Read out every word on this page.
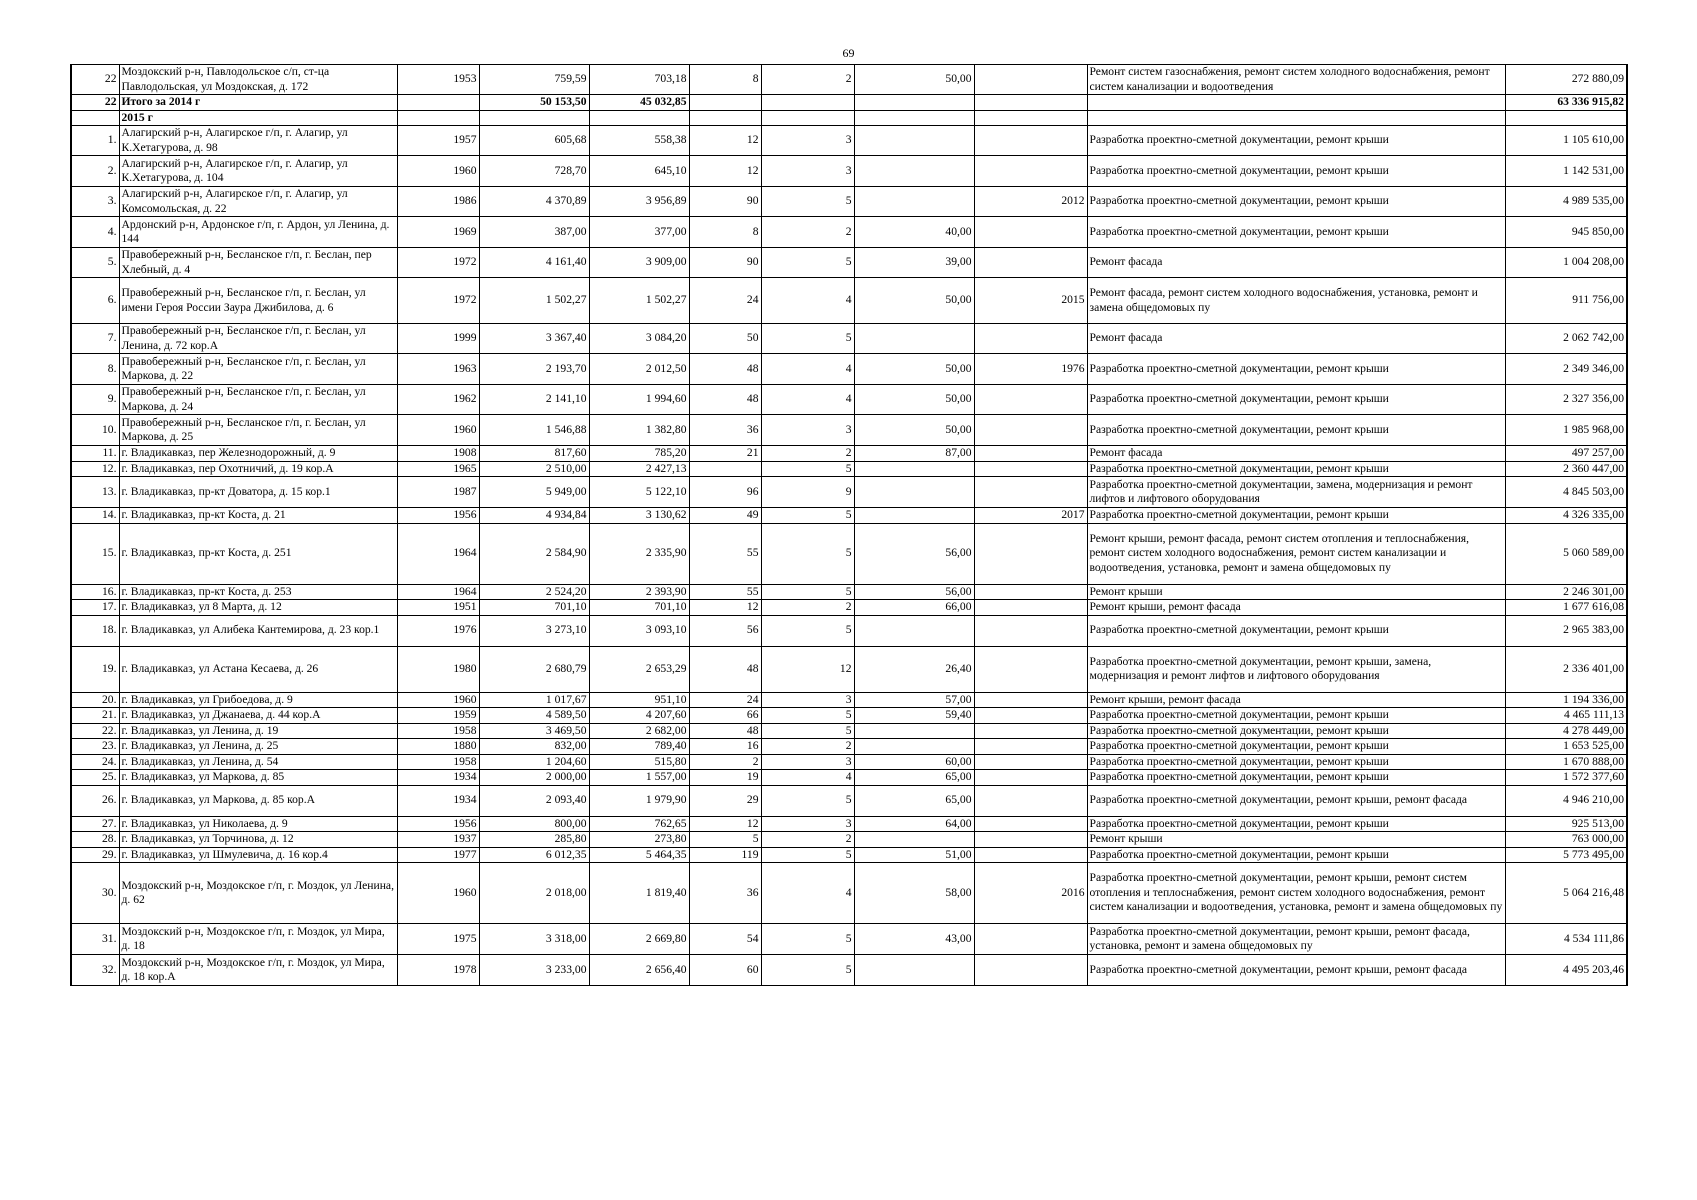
69
22	Моздокский р-н, Павлодольское с/п, ст-ца Павлодольская, ул Моздокская, д. 172	1953	759,59	703,18	8	2	50,00		Ремонт систем газоснабжения, ремонт систем холодного водоснабжения, ремонт систем канализации и водоотведения	272 880,09
22	Итого за 2014 г		50 153,50	45 032,85						63 336 915,82
	2015 г									
1.	Алагирский р-н, Алагирское г/п, г. Алагир, ул К.Хетагурова, д. 98	1957	605,68	558,38	12	3			Разработка проектно-сметной документации, ремонт крыши	1 105 610,00
2.	Алагирский р-н, Алагирское г/п, г. Алагир, ул К.Хетагурова, д. 104	1960	728,70	645,10	12	3			Разработка проектно-сметной документации, ремонт крыши	1 142 531,00
3.	Алагирский р-н, Алагирское г/п, г. Алагир, ул Комсомольская, д. 22	1986	4 370,89	3 956,89	90	5		2012	Разработка проектно-сметной документации, ремонт крыши	4 989 535,00
4.	Ардонский р-н, Ардонское г/п, г. Ардон, ул Ленина, д. 144	1969	387,00	377,00	8	2	40,00		Разработка проектно-сметной документации, ремонт крыши	945 850,00
5.	Правобережный р-н, Бесланское г/п, г. Беслан, пер Хлебный, д. 4	1972	4 161,40	3 909,00	90	5	39,00		Ремонт фасада	1 004 208,00
6.	Правобережный р-н, Бесланское г/п, г. Беслан, ул имени Героя России Заура Джибилова, д. 6	1972	1 502,27	1 502,27	24	4	50,00	2015	Ремонт фасада, ремонт систем холодного водоснабжения, установка, ремонт и замена общедомовых пу	911 756,00
7.	Правобережный р-н, Бесланское г/п, г. Беслан, ул Ленина, д. 72 кор.А	1999	3 367,40	3 084,20	50	5			Ремонт фасада	2 062 742,00
8.	Правобережный р-н, Бесланское г/п, г. Беслан, ул Маркова, д. 22	1963	2 193,70	2 012,50	48	4	50,00	1976	Разработка проектно-сметной документации, ремонт крыши	2 349 346,00
9.	Правобережный р-н, Бесланское г/п, г. Беслан, ул Маркова, д. 24	1962	2 141,10	1 994,60	48	4	50,00		Разработка проектно-сметной документации, ремонт крыши	2 327 356,00
10.	Правобережный р-н, Бесланское г/п, г. Беслан, ул Маркова, д. 25	1960	1 546,88	1 382,80	36	3	50,00		Разработка проектно-сметной документации, ремонт крыши	1 985 968,00
11.	г. Владикавказ, пер Железнодорожный, д. 9	1908	817,60	785,20	21	2	87,00		Ремонт фасада	497 257,00
12.	г. Владикавказ, пер Охотничий, д. 19 кор.А	1965	2 510,00	2 427,13		5			Разработка проектно-сметной документации, ремонт крыши	2 360 447,00
13.	г. Владикавказ, пр-кт Доватора, д. 15 кор.1	1987	5 949,00	5 122,10	96	9			Разработка проектно-сметной документации, замена, модернизация и ремонт лифтов и лифтового оборудования	4 845 503,00
14.	г. Владикавказ, пр-кт Коста, д. 21	1956	4 934,84	3 130,62	49	5		2017	Разработка проектно-сметной документации, ремонт крыши	4 326 335,00
15.	г. Владикавказ, пр-кт Коста, д. 251	1964	2 584,90	2 335,90	55	5	56,00		Ремонт крыши, ремонт фасада, ремонт систем отопления и теплоснабжения, ремонт систем холодного водоснабжения, ремонт систем канализации и водоотведения, установка, ремонт и замена общедомовых пу	5 060 589,00
16.	г. Владикавказ, пр-кт Коста, д. 253	1964	2 524,20	2 393,90	55	5	56,00		Ремонт крыши	2 246 301,00
17.	г. Владикавказ, ул 8 Марта, д. 12	1951	701,10	701,10	12	2	66,00		Ремонт крыши, ремонт фасада	1 677 616,08
18.	г. Владикавказ, ул Алибека Кантемирова, д. 23 кор.1	1976	3 273,10	3 093,10	56	5			Разработка проектно-сметной документации, ремонт крыши	2 965 383,00
19.	г. Владикавказ, ул Астана Кесаева, д. 26	1980	2 680,79	2 653,29	48	12	26,40		Разработка проектно-сметной документации, ремонт крыши, замена, модернизация и ремонт лифтов и лифтового оборудования	2 336 401,00
20.	г. Владикавказ, ул Грибоедова, д. 9	1960	1 017,67	951,10	24	3	57,00		Ремонт крыши, ремонт фасада	1 194 336,00
21.	г. Владикавказ, ул Джанаева, д. 44 кор.А	1959	4 589,50	4 207,60	66	5	59,40		Разработка проектно-сметной документации, ремонт крыши	4 465 111,13
22.	г. Владикавказ, ул Ленина, д. 19	1958	3 469,50	2 682,00	48	5			Разработка проектно-сметной документации, ремонт крыши	4 278 449,00
23.	г. Владикавказ, ул Ленина, д. 25	1880	832,00	789,40	16	2			Разработка проектно-сметной документации, ремонт крыши	1 653 525,00
24.	г. Владикавказ, ул Ленина, д. 54	1958	1 204,60	515,80	2	3	60,00		Разработка проектно-сметной документации, ремонт крыши	1 670 888,00
25.	г. Владикавказ, ул Маркова, д. 85	1934	2 000,00	1 557,00	19	4	65,00		Разработка проектно-сметной документации, ремонт крыши	1 572 377,60
26.	г. Владикавказ, ул Маркова, д. 85 кор.А	1934	2 093,40	1 979,90	29	5	65,00		Разработка проектно-сметной документации, ремонт крыши, ремонт фасада	4 946 210,00
27.	г. Владикавказ, ул Николаева, д. 9	1956	800,00	762,65	12	3	64,00		Разработка проектно-сметной документации, ремонт крыши	925 513,00
28.	г. Владикавказ, ул Торчинова, д. 12	1937	285,80	273,80	5	2			Ремонт крыши	763 000,00
29.	г. Владикавказ, ул Шмулевича, д. 16 кор.4	1977	6 012,35	5 464,35	119	5	51,00		Разработка проектно-сметной документации, ремонт крыши	5 773 495,00
30.	Моздокский р-н, Моздокское г/п, г. Моздок, ул Ленина, д. 62	1960	2 018,00	1 819,40	36	4	58,00	2016	Разработка проектно-сметной документации, ремонт крыши, ремонт систем отопления и теплоснабжения, ремонт систем холодного водоснабжения, ремонт систем канализации и водоотведения, установка, ремонт и замена общедомовых пу	5 064 216,48
31.	Моздокский р-н, Моздокское г/п, г. Моздок, ул Мира, д. 18	1975	3 318,00	2 669,80	54	5	43,00		Разработка проектно-сметной документации, ремонт крыши, ремонт фасада, установка, ремонт и замена общедомовых пу	4 534 111,86
32.	Моздокский р-н, Моздокское г/п, г. Моздок, ул Мира, д. 18 кор.А	1978	3 233,00	2 656,40	60	5			Разработка проектно-сметной документации, ремонт крыши, ремонт фасада	4 495 203,46
